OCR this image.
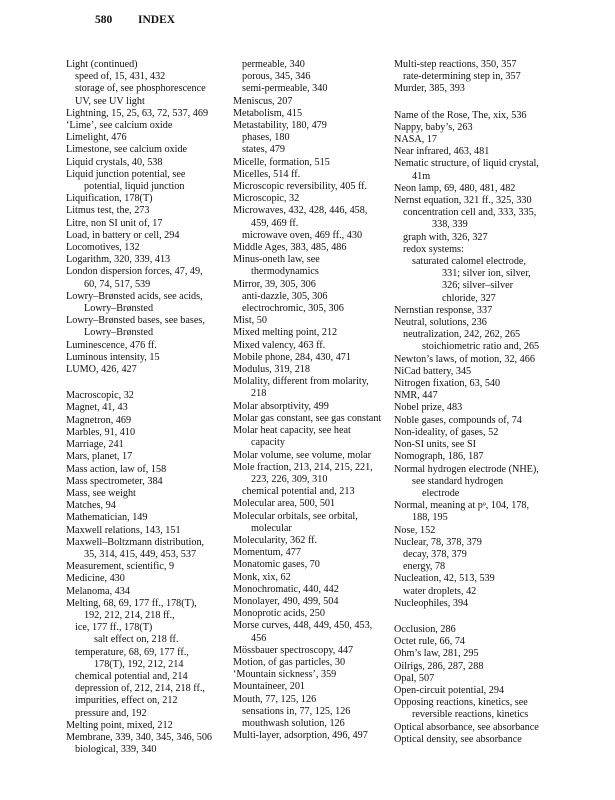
580 INDEX
Light (continued)
speed of, 15, 431, 432
storage of, see phosphorescence
UV, see UV light
Lightning, 15, 25, 63, 72, 537, 469
‘Lime’, see calcium oxide
Limelight, 476
Limestone, see calcium oxide
Liquid crystals, 40, 538
Liquid junction potential, see
potential, liquid junction
Liquification, 178(T)
Litmus test, the, 273
Litre, non SI unit of, 17
Load, in battery or cell, 294
Locomotives, 132
Logarithm, 320, 339, 413
London dispersion forces, 47, 49,
60, 74, 517, 539
Lowry–Brønsted acids, see acids,
Lowry–Brønsted
Lowry–Brønsted bases, see bases,
Lowry–Brønsted
Luminescence, 476 ff.
Luminous intensity, 15
LUMO, 426, 427
Macroscopic, 32
Magnet, 41, 43
Magnetron, 469
Marbles, 91, 410
Marriage, 241
Mars, planet, 17
Mass action, law of, 158
Mass spectrometer, 384
Mass, see weight
Matches, 94
Mathematician, 149
Maxwell relations, 143, 151
Maxwell–Boltzmann distribution,
35, 314, 415, 449, 453, 537
Measurement, scientific, 9
Medicine, 430
Melanoma, 434
Melting, 68, 69, 177 ff., 178(T),
192, 212, 214, 218 ff.,
ice, 177 ff., 178(T)
salt effect on, 218 ff.
temperature, 68, 69, 177 ff.,
178(T), 192, 212, 214
chemical potential and, 214
depression of, 212, 214, 218 ff.,
impurities, effect on, 212
pressure and, 192
Melting point, mixed, 212
Membrane, 339, 340, 345, 346, 506
biological, 339, 340
permeable, 340
porous, 345, 346
semi-permeable, 340
Meniscus, 207
Metabolism, 415
Metastability, 180, 479
phases, 180
states, 479
Micelle, formation, 515
Micelles, 514 ff.
Microscopic reversibility, 405 ff.
Microscopic, 32
Microwaves, 432, 428, 446, 458,
459, 469 ff.
microwave oven, 469 ff., 430
Middle Ages, 383, 485, 486
Minus-oneth law, see
thermodynamics
Mirror, 39, 305, 306
anti-dazzle, 305, 306
electrochromic, 305, 306
Mist, 50
Mixed melting point, 212
Mixed valency, 463 ff.
Mobile phone, 284, 430, 471
Modulus, 319, 218
Molality, different from molarity,
218
Molar absorptivity, 499
Molar gas constant, see gas constant
Molar heat capacity, see heat
capacity
Molar volume, see volume, molar
Mole fraction, 213, 214, 215, 221,
223, 226, 309, 310
chemical potential and, 213
Molecular area, 500, 501
Molecular orbitals, see orbital,
molecular
Molecularity, 362 ff.
Momentum, 477
Monatomic gases, 70
Monk, xix, 62
Monochromatic, 440, 442
Monolayer, 490, 499, 504
Monoprotic acids, 250
Morse curves, 448, 449, 450, 453,
456
Mössbauer spectroscopy, 447
Motion, of gas particles, 30
‘Mountain sickness’, 359
Mountaineer, 201
Mouth, 77, 125, 126
sensations in, 77, 125, 126
mouthwash solution, 126
Multi-layer, adsorption, 496, 497
Multi-step reactions, 350, 357
rate-determining step in, 357
Murder, 385, 393
Name of the Rose, The, xix, 536
Nappy, baby’s, 263
NASA, 17
Near infrared, 463, 481
Nematic structure, of liquid crystal,
41m
Neon lamp, 69, 480, 481, 482
Nernst equation, 321 ff., 325, 330
concentration cell and, 333, 335,
338, 339
graph with, 326, 327
redox systems:
saturated calomel electrode,
331; silver ion, silver,
326; silver–silver
chloride, 327
Nernstian response, 337
Neutral, solutions, 236
neutralization, 242, 262, 265
stoichiometric ratio and, 265
Newton’s laws, of motion, 32, 466
NiCad battery, 345
Nitrogen fixation, 63, 540
NMR, 447
Nobel prize, 483
Noble gases, compounds of, 74
Non-ideality, of gases, 52
Non-SI units, see SI
Nomograph, 186, 187
Normal hydrogen electrode (NHE),
see standard hydrogen
electrode
Normal, meaning at pᶱ, 104, 178,
188, 195
Nose, 152
Nuclear, 78, 378, 379
decay, 378, 379
energy, 78
Nucleation, 42, 513, 539
water droplets, 42
Nucleophiles, 394
Occlusion, 286
Octet rule, 66, 74
Ohm’s law, 281, 295
Oilrigs, 286, 287, 288
Opal, 507
Open-circuit potential, 294
Opposing reactions, kinetics, see
reversible reactions, kinetics
Optical absorbance, see absorbance
Optical density, see absorbance
